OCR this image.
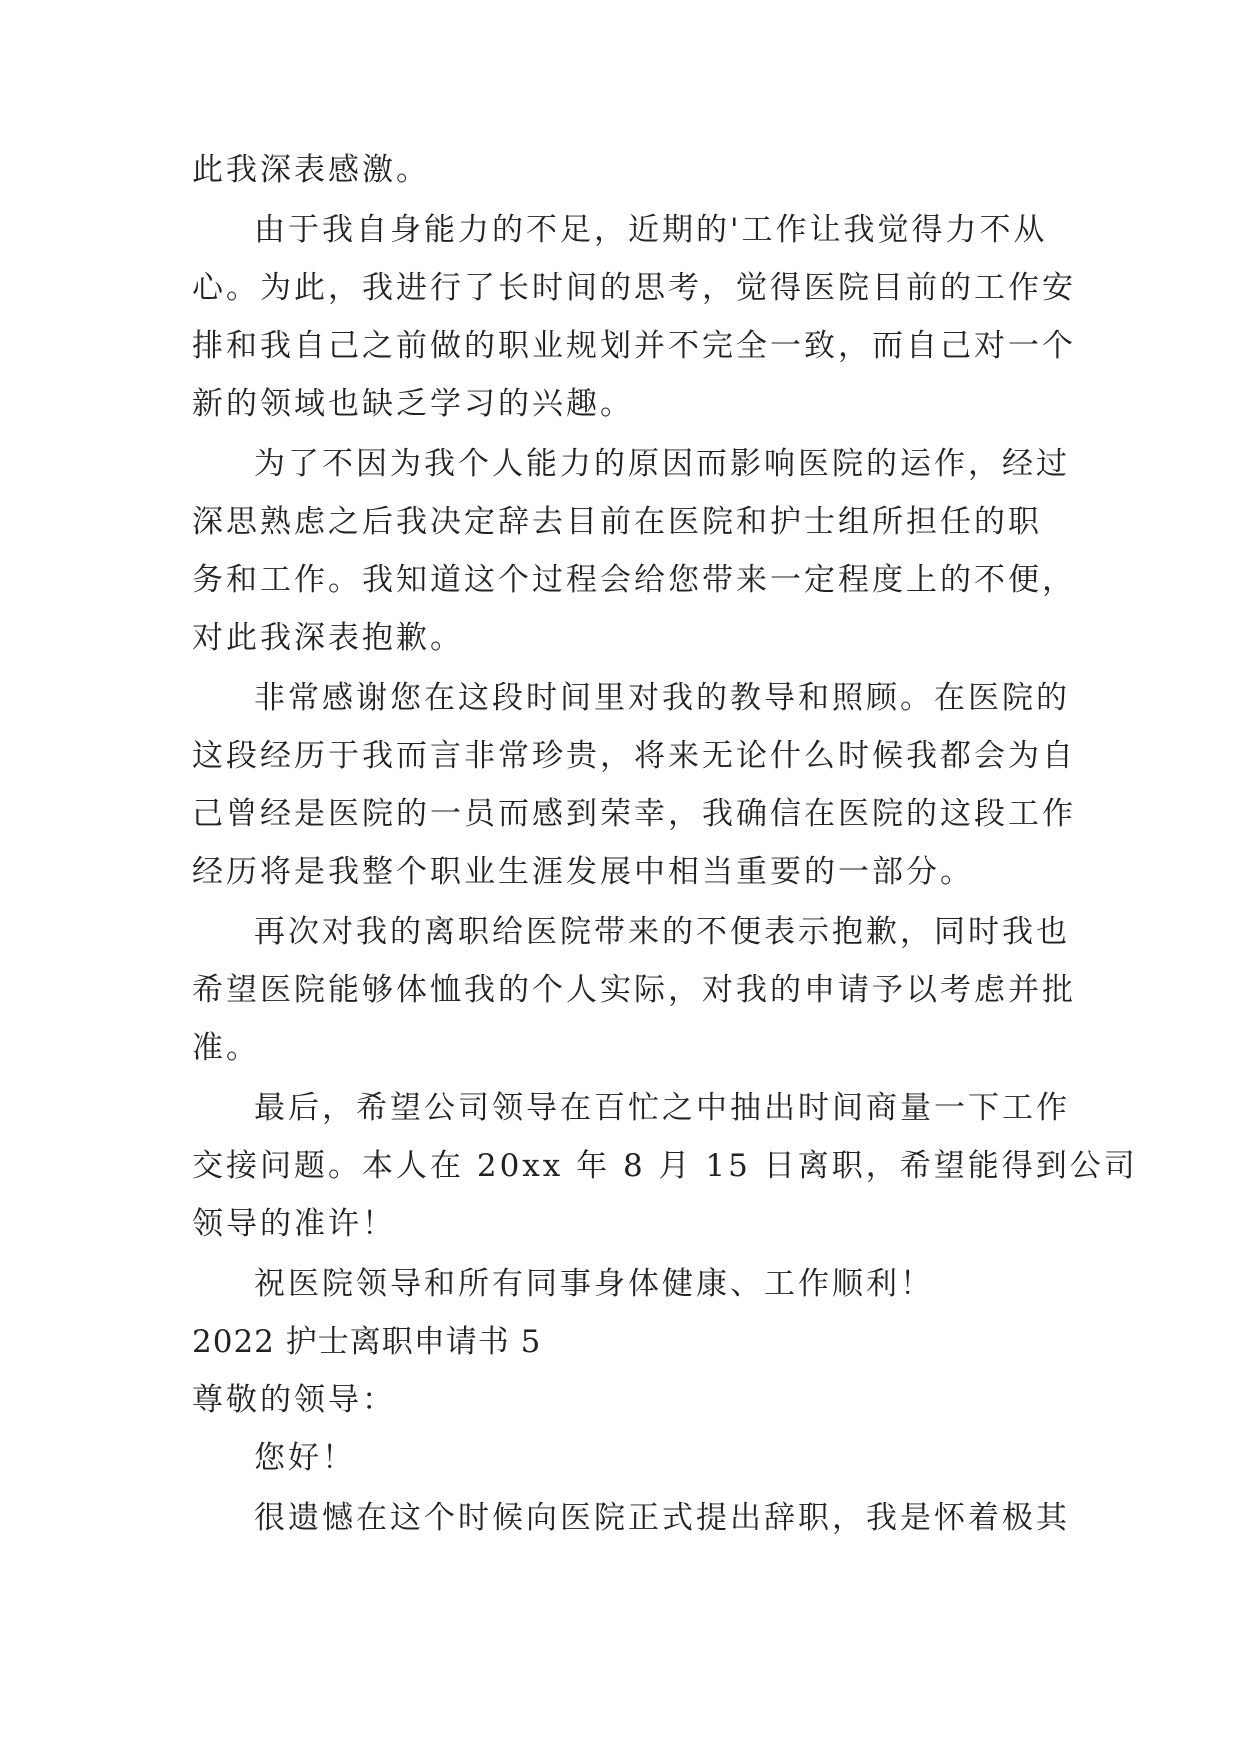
此我深表感激。

由于我自身能力的不足，近期的'工作让我觉得力不从

心。为此，我进行了长时间的思考，觉得医院目前的工作安

排和我自己之前做的职业规划并不完全一致，而自己对一个

新的领域也缺乏学习的兴趣。

为了不因为我个人能力的原因而影响医院的运作，经过

深思熟虑之后我决定辞去目前在医院和护士组所担任的职

务和工作。我知道这个过程会给您带来一定程度上的不便，

对此我深表抱歉。

非常感谢您在这段时间里对我的教导和照顾。在医院的

这段经历于我而言非常珍贵，将来无论什么时候我都会为自

己曾经是医院的一员而感到荣幸，我确信在医院的这段工作

经历将是我整个职业生涯发展中相当重要的一部分。

再次对我的离职给医院带来的不便表示抱歉，同时我也

希望医院能够体恤我的个人实际，对我的申请予以考虑并批

准。

最后，希望公司领导在百忙之中抽出时间商量一下工作

交接问题。本人在 20xx 年 8 月 15 日离职，希望能得到公司

领导的准许！

祝医院领导和所有同事身体健康、工作顺利！

2022 护士离职申请书 5

尊敬的领导：

您好！

很遗憾在这个时候向医院正式提出辞职，我是怀着极其
